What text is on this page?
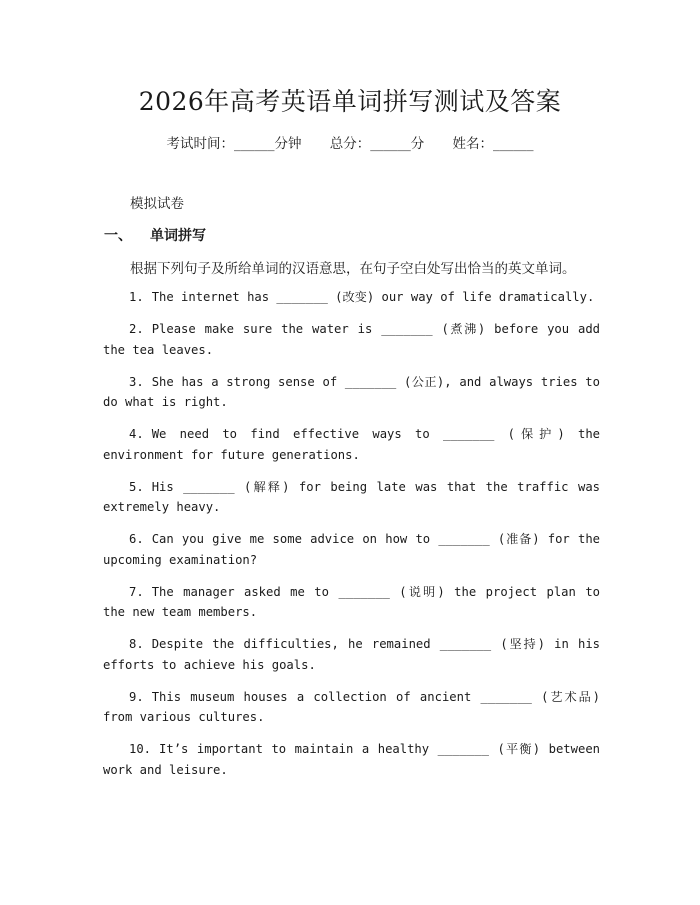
2026年高考英语单词拼写测试及答案
考试时间：______分钟 总分：______分 姓名：______
模拟试卷
一、 单词拼写
根据下列句子及所给单词的汉语意思，在句子空白处写出恰当的英文单词。
1. The internet has _______ (改变) our way of life dramatically.
2. Please make sure the water is _______ (煮沸) before you add the tea leaves.
3. She has a strong sense of _______ (公正), and always tries to do what is right.
4. We need to find effective ways to _______ (保护) the environment for future generations.
5. His _______ (解释) for being late was that the traffic was extremely heavy.
6. Can you give me some advice on how to _______ (准备) for the upcoming examination?
7. The manager asked me to _______ (说明) the project plan to the new team members.
8. Despite the difficulties, he remained _______ (坚持) in his efforts to achieve his goals.
9. This museum houses a collection of ancient _______ (艺术品) from various cultures.
10. It’s important to maintain a healthy _______ (平衡) between work and leisure.
